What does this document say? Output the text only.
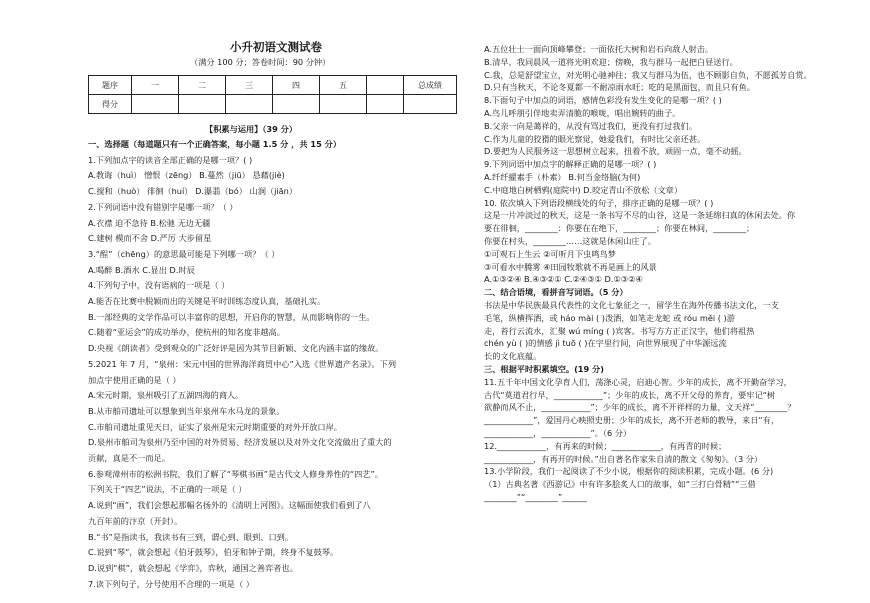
小升初语文测试卷
（满分 100 分；答卷时间：90 分钟）
题序	一	二	三	四	五		总成绩
得分							
【积累与运用】（39 分）
一、选择题（每道题只有一个正确答案，每小题 1.5 分 ，共 15 分）
1.下列加点字的读音全部正确的是哪一项？( )
A.教诲（huì） 憎恨（zēng） B.蔓然（jiū） 恳藉(jiè)
C.搅和（huò） 徘徊（huí） D.瀑翡（bó） 山涧（jiān）
2.下列词语中没有错别字是哪一项？（ ）
A.衣襟 迫不急待 B.松驰 无边无疆
C.建树 模而不舍 D.严厉 大步留星
3.“酲”（chēng）的意思最可能是下列哪一项？（ ）
A.喝醉 B.酒水 C.显出 D.时辰
4.下列句子中，没有语病的一项是（ ）
A.能否在比赛中脱颖而出的关键是平时训练态度认真，基础扎实。
B.一部经典的文学作品可以丰富你的思想，开启你的智慧，从而影响你的一生。
C.随着“亚运会”的成功举办，使杭州的知名度非越高。
D.央视《朗读者》受到观众的广泛好评是因为其节目新颖、文化内涵丰富的缘故。
5.2021 年 7 月，“泉州：宋元中国的世界海洋商贸中心”入选《世界遗产名录》。下列
加点字使用正确的是（ ）
A.宋元时期，泉州吸引了五湖四海的商人。
B.从市舶司遗址可以想象到当年泉州车水马龙的景象。
C.市舶司遗址重见天日，证实了泉州是宋元时期重要的对外开放口岸。
D.泉州市舶司为泉州乃至中国的对外贸易、经济发展以及对外文化交流做出了重大的
贡献，真是不一而足。
6.参观漳州市的松洲书院，我们了解了“琴棋书画”是古代文人修身养性的“四艺”。
下列关于“四艺”说法，不正确的一项是（ ）
A.说到“画”，我们会想起那幅名扬外的《清明上河图》。这幅面使我们看到了八
九百年前的汴京（开封）。
B.“书”是指读书，我读书有三到，谓心到、眼到、口到。
C.说到“琴”，就会想起《伯牙鼓琴》，伯牙和钟子期，终身不复鼓琴。
D.说到“棋”，就会想起《学弈》，弈秋，通国之善弈者也。
7.读下列句子，分号使用不合理的一项是（ ）
A.五位壮士一面向顶峰攀登；一面依托大树和岩石向敌人射击。
B.清早，我同晨风一道将光明欢迎；傍晚，我与群马一起把白昼送行。
C.我，总是舒望宝立，对光明心驰神往；我又与群马为伍，也不顾影自负，不愿孤芳自赏。
D.只有当秋天，不论冬夏都一不耐凉雨水旺；吃的是黑面包，而且只有鱼。
8.下面句子中加点的词语，感情色彩没有发生变化的是哪一项？( )
A.鸟儿呼朋引伴地卖弄清脆的喉咙，唱出婉转的曲子。
B.父亲一向是蔼祥的，从没有骂过我们，更没有打过我们。
C.作为儿童的狡猾的眼光察觉，她爱我们，有时比父亲还甚。
D.要把为人民服务这一思想树立起来，扭着不放，顽固一点，毫不动摇。
9.下列词语中加点字的解释正确的是哪一项？( )
A.纤纤擢素手（朴素） B.何当金络脑(为何)
C.中庭地白树栖鸦(庭院中) D.咬定青山不放松（文章）
10. 依次填入下列语段横线处的句子，排序正确的是哪一项？( )
这是一片冲淡过的秋天，这是一条书写不尽的山谷，这是一条延绵扫真的休闲去处。你
要在徘徊，________：你要在在绝下，________；你要在林间，________；
你要在村头，________……这就是休闲山庄了。
①可观石上生云 ②可听月下虫鸣鸟梦
③可看水中腾雾 ④田园牧歌就不再是画上的风景
A.①③②④ B.④③②① C.②④③① D.①③②④
二、结合语境，看拼音写词语。（5 分）
书法是中华民族最具代表性的文化七象征之一，留学生在海外传播书法文化，一支
毛笔，纵横挥洒，或 háo mài ( )泼洒，如笔走龙蛇 或 róu měi ( )游
走，苔行云流水，汇聚 wú míng ( )宾客。书写方方正正汉字，他们将祖热
chén yù ( )的情感 jì tuō ( )在字里行间，向世界展现了中华源远流
长的文化底蕴。
三、根据平时积累填空。(19 分)
11.五千年中国文化孕育人们，荡涤心灵，启迪心智。少年的成长，离不开勤奋学习，
古代“莫道君行早，____________”；少年的成长，离不开父母的养育，要牢记“树
欲静而风不止，____________”；少年的成长，离不开祥样的力量，文天祥“________？
____________”，爱国丹心映照史册；少年的成长，离不开老师的教导，来日“有，
____________，____________”。（6 分）
12.____________，有再来的时候；____________，有再青的时候；
____________，有再开的时候。”出自著名作家朱自清的散文《匆匆》。（3 分）
13.小学阶段，我们一起阅读了不少小说，根据你的阅读积累，完成小题。(6 分)
（1）古典名著《西游记》中有许多脍炙人口的故事，如“三打白骨精”“三借
________”“________”______
